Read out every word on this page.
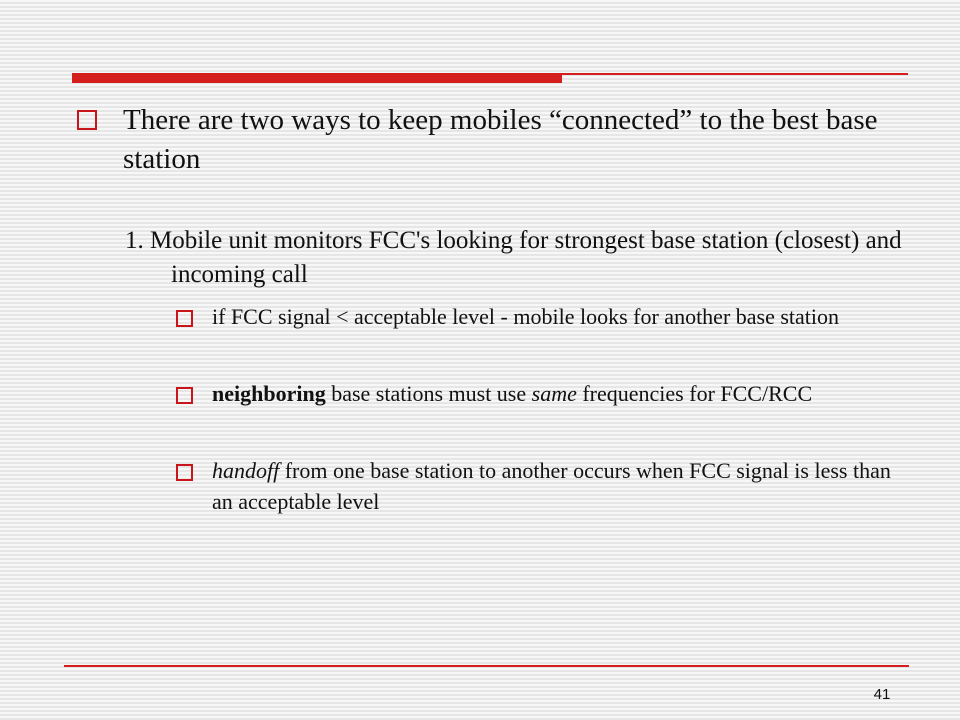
There are two ways to keep mobiles “connected” to the best base station
1. Mobile unit monitors FCC's looking for strongest base station (closest) and incoming call
if FCC signal < acceptable level - mobile looks for another base station
neighboring base stations must use same frequencies for FCC/RCC
handoff from one base station to another occurs when FCC signal is less than an acceptable level
41
